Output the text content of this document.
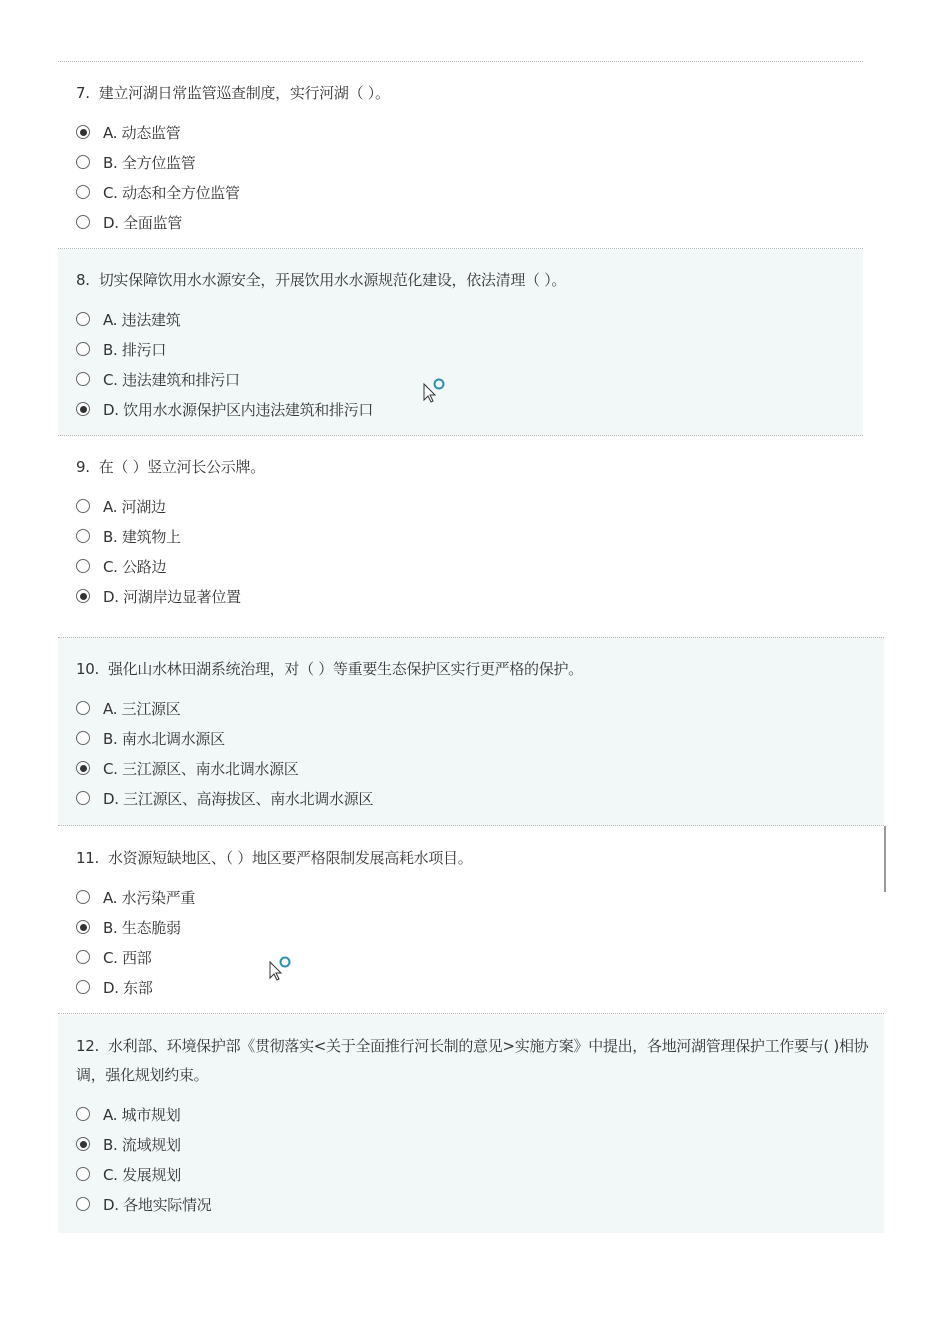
7. 建立河湖日常监管巡查制度，实行河湖（ ）。

A. 动态监管
B. 全方位监管
C. 动态和全方位监管
D. 全面监管

8. 切实保障饮用水水源安全，开展饮用水水源规范化建设，依法清理（ ）。

A. 违法建筑
B. 排污口
C. 违法建筑和排污口
D. 饮用水水源保护区内违法建筑和排污口

9. 在（ ）竖立河长公示牌。

A. 河湖边
B. 建筑物上
C. 公路边
D. 河湖岸边显著位置

10. 强化山水林田湖系统治理，对（ ）等重要生态保护区实行更严格的保护。

A. 三江源区
B. 南水北调水源区
C. 三江源区、南水北调水源区
D. 三江源区、高海拔区、南水北调水源区

11. 水资源短缺地区、（ ）地区要严格限制发展高耗水项目。

A. 水污染严重
B. 生态脆弱
C. 西部
D. 东部

12. 水利部、环境保护部《贯彻落实<关于全面推行河长制的意见>实施方案》中提出，各地河湖管理保护工作要与( )相协调，强化规划约束。

A. 城市规划
B. 流域规划
C. 发展规划
D. 各地实际情况
